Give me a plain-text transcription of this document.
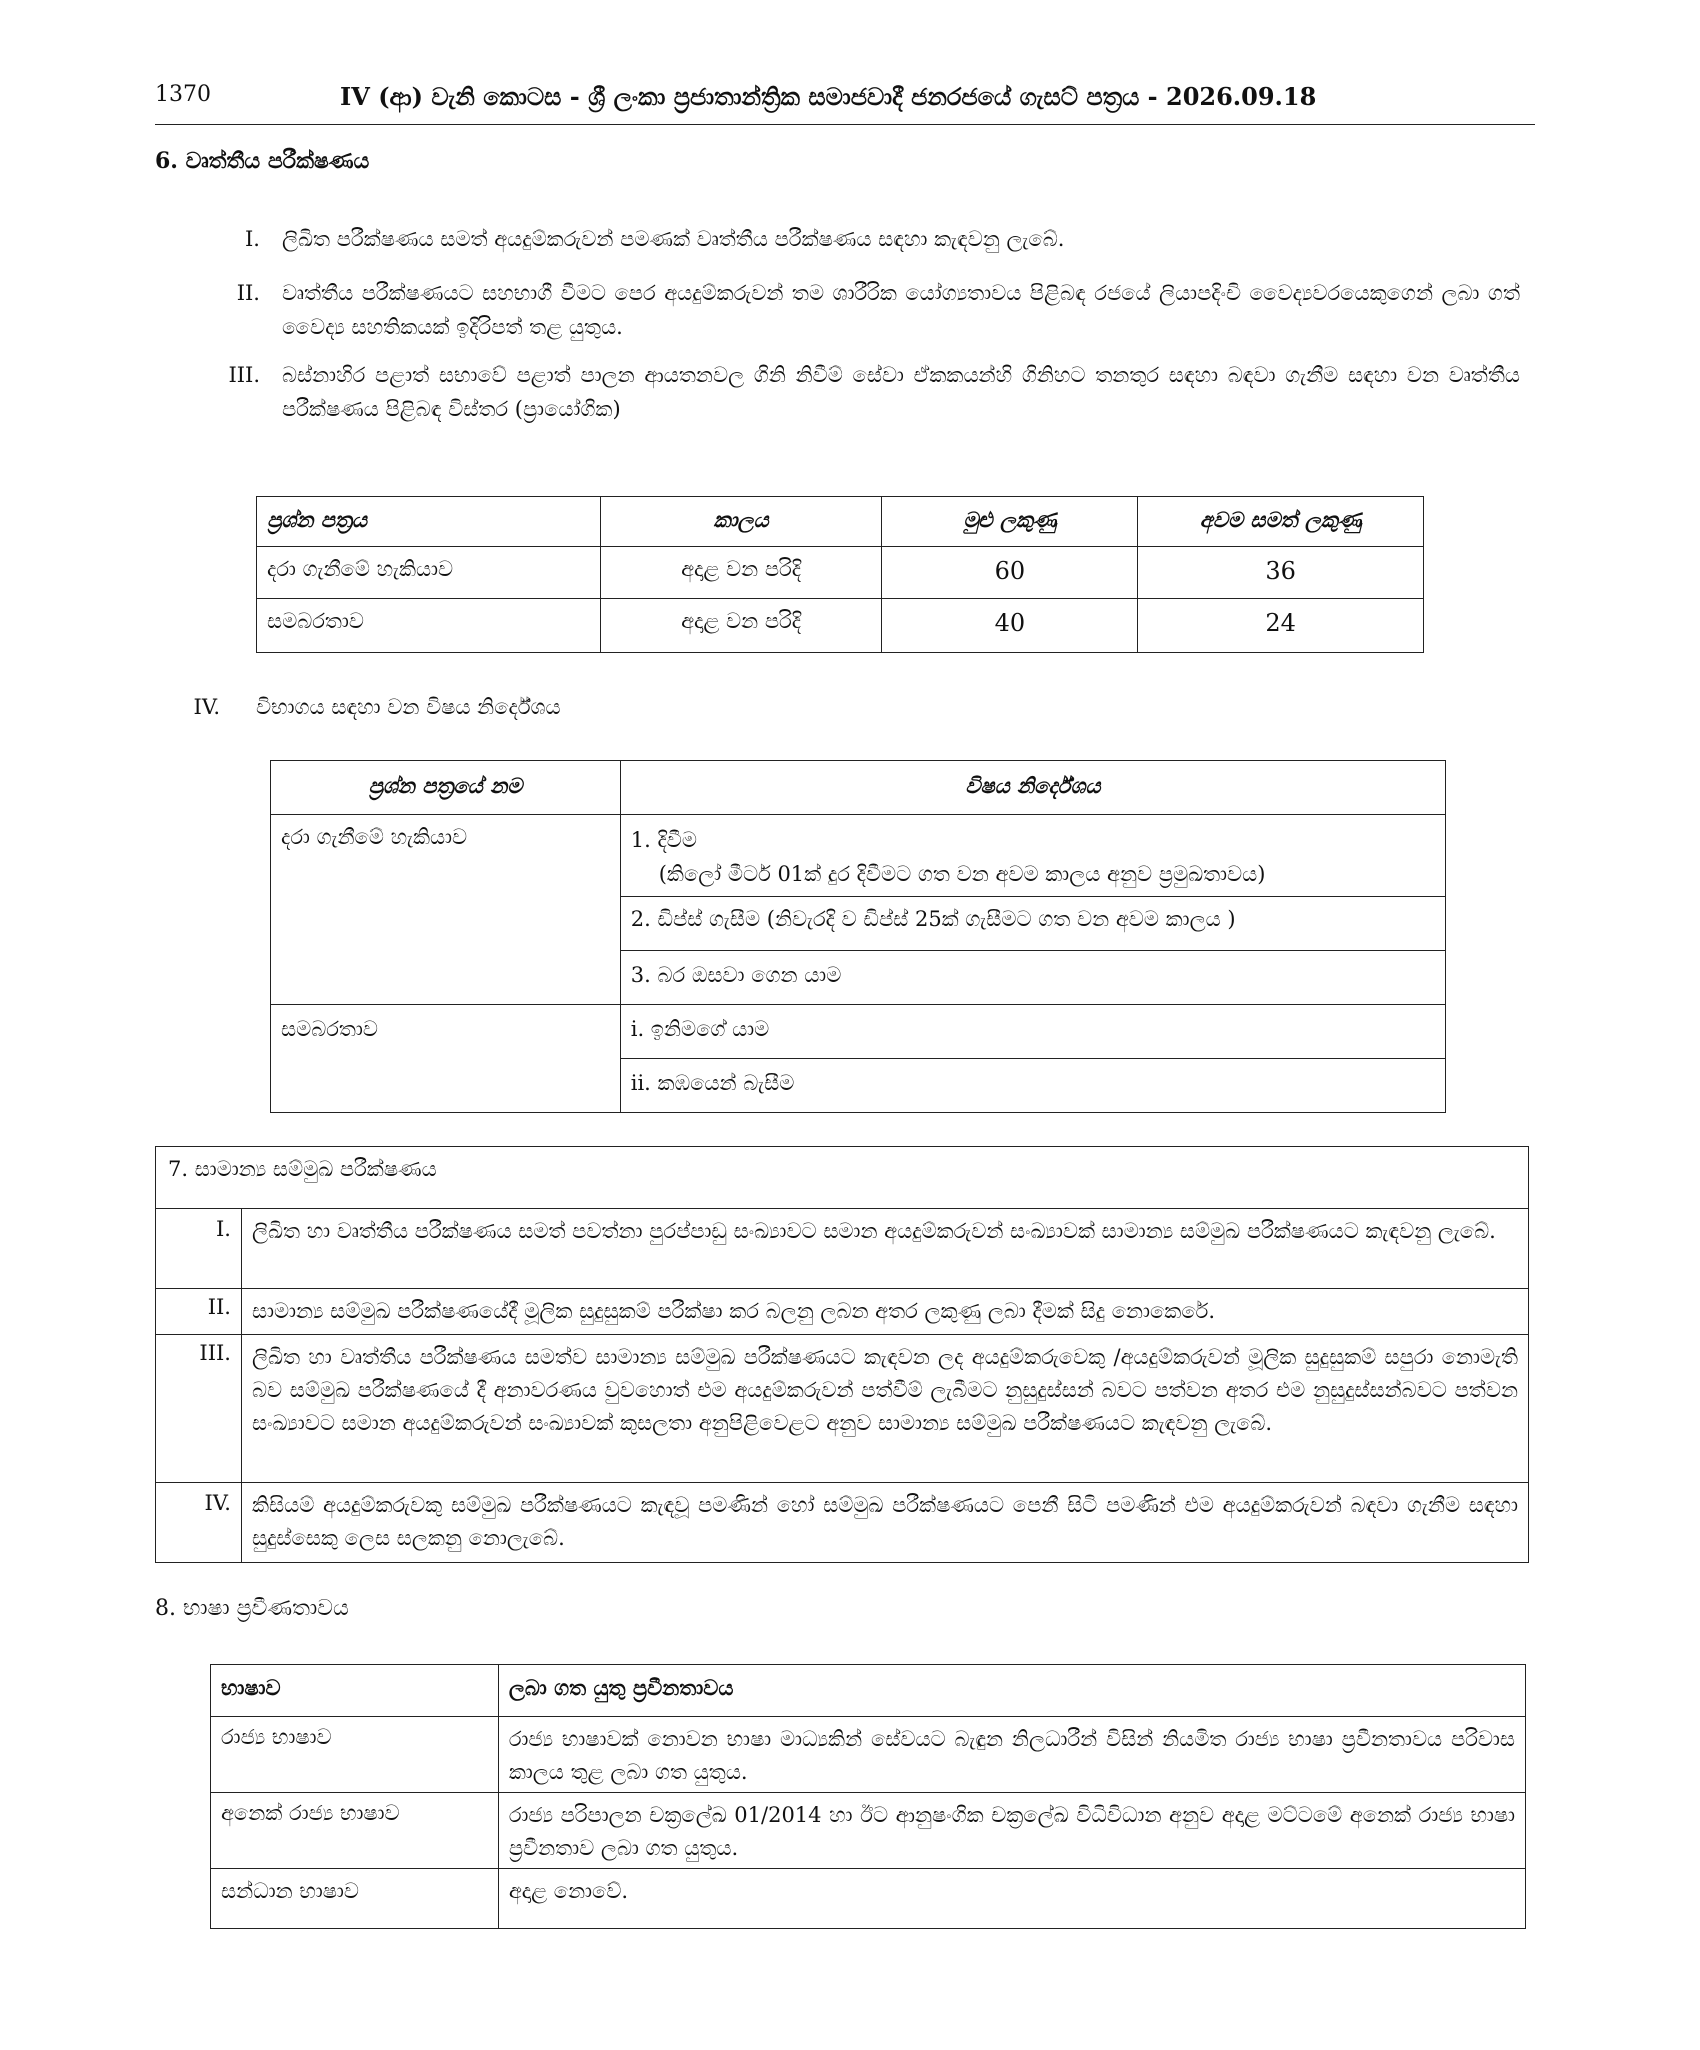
1370	IV (ආ) වැනි කොටස - ශ්‍රී ලංකා ප්‍රජාතාන්ත්‍රික සමාජවාදී ජනරජයේ ගැසට් පත්‍රය - 2026.09.18
6. වෘත්තීය පරීක්ෂණය
I. ලිඛිත පරීක්ෂණය සමත් අයදුම්කරුවන් පමණක් වෘත්තීය පරීක්ෂණය සඳහා කැඳවනු ලැබේ.
II. වෘත්තීය පරීක්ෂණයට සහභාගී වීමට පෙර අයදුම්කරුවන් තම ශාරීරික යෝග්‍යතාවය පිළිබඳ රජයේ ලියාපදිංචි වෛද්‍යවරයෙකුගෙන් ලබා ගත් වෛද්‍ය සහතිකයක් ඉදිරිපත් තළ යුතුය.
III. බස්නාහිර පළාත් සභාවේ පළාත් පාලන ආයතනවල ගිනි නිවීම් සේවා ඒකකයන්හි ගිනිහට තනතුර සඳහා බඳවා ගැනීම සඳහා වන වෘත්තීය පරීක්ෂණය පිළිබඳ විස්තර (ප්‍රායෝගික)
ප්‍රශ්න පත්‍රය	කාලය	මුළු ලකුණු	අවම සමත් ලකුණු
දරා ගැනීමේ හැකියාව	අදාළ වන පරිදි	60	36
සමබරතාව	අදාළ වන පරිදි	40	24
IV. විභාගය සඳහා වන විෂය නිර්දේශය
ප්‍රශ්න පත්‍රයේ නම	විෂය නිර්දේශය
දරා ගැනීමේ හැකියාව	1. දිවීම
(කිලෝ මීටර් 01ක් දුර දිවීමට ගත වන අවම කාලය අනුව ප්‍රමුඛතාවය)

	2. ඩිප්ස් ගැසීම (නිවැරදි ව ඩිප්ස් 25ක් ගැසීමට ගත වන අවම කාලය )
	3. බර ඔසවා ගෙන යාම
සමබරතාව	i. ඉනිමගේ යාම
	ii. කඹයෙන් බැසීම
7. සාමාන්‍ය සම්මුඛ පරීක්ෂණය	
I.	ලිඛිත හා වෘත්තීය පරීක්ෂණය සමත් පවත්නා පුරප්පාඩු සංඛ්‍යාවට සමාන අයදුම්කරුවන් සංඛ්‍යාවක් සාමාන්‍ය සම්මුඛ පරීක්ෂණයට කැඳවනු ලැබේ.
II.	සාමාන්‍ය සම්මුඛ පරීක්ෂණයේදී මූලික සුදුසුකම් පරීක්ෂා කර බලනු ලබන අතර ලකුණු ලබා දීමක් සිදු නොකෙරේ.
III.	ලිඛිත හා වෘත්තීය පරීක්ෂණය සමත්ව සාමාන්‍ය සම්මුඛ පරීක්ෂණයට කැඳවන ලද අයදුම්කරුවෙකු /අයදුම්කරුවන් මූලික සුදුසුකම් සපුරා නොමැති බව සම්මුඛ පරීක්ෂණයේ දී අනාවරණය වුවහොත් එම අයදුම්කරුවන් පත්වීම් ලැබීමට නුසුදුස්සන් බවට පත්වන අතර එම නුසුදුස්සන්බවට පත්වන සංඛ්‍යාවට සමාන අයදුම්කරුවන් සංඛ්‍යාවක් කුසලතා අනුපිළිවෙළට අනුව සාමාන්‍ය සම්මුඛ පරීක්ෂණයට කැඳවනු ලැබේ.
IV.	කිසියම් අයදුම්කරුවකු සම්මුඛ පරීක්ෂණයට කැඳවූ පමණින් හෝ සම්මුඛ පරීක්ෂණයට පෙනී සිටි පමණින් එම අයදුම්කරුවන් බඳවා ගැනීම සඳහා සුදුස්සෙකු ලෙස සලකනු නොලැබේ.
8. භාෂා ප්‍රවීණතාවය
භාෂාව	ලබා ගත යුතු ප්‍රවීනතාවය
රාජ්‍ය භාෂාව	රාජ්‍ය භාෂාවක් නොවන භාෂා මාධ්‍යකින් සේවයට බැඳුන නිලධාරීන් විසින් නියමිත රාජ්‍ය භාෂා ප්‍රවීනතාවය පරිවාස කාලය තුළ ලබා ගත යුතුය.
අනෙක් රාජ්‍ය භාෂාව	රාජ්‍ය පරිපාලන චක්‍රලේඛ 01/2014 හා ඊට ආනුෂංගික චක්‍රලේඛ විධිවිධාන අනුව අදාළ මට්ටමේ අනෙක් රාජ්‍ය භාෂා ප්‍රවීනතාව ලබා ගත යුතුය.
සන්ධාන භාෂාව	අදාළ නොවේ.
